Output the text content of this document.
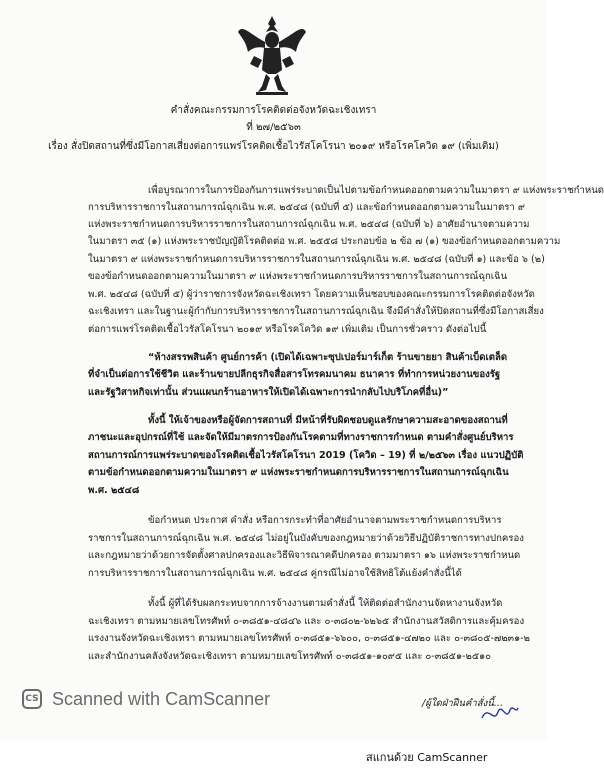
คำสั่งคณะกรรมการโรคติดต่อจังหวัดฉะเชิงเทรา
ที่ ๒๗/๒๕๖๓
เรื่อง สั่งปิดสถานที่ซึ่งมีโอกาสเสี่ยงต่อการแพร่โรคติดเชื้อไวรัสโคโรนา ๒๐๑๙ หรือโรคโควิด ๑๙ (เพิ่มเติม)
เพื่อบูรณาการในการป้องกันการแพร่ระบาดเป็นไปตามข้อกำหนดออกตามความในมาตรา ๙ แห่งพระราชกำหนด
การบริหารราชการในสถานการณ์ฉุกเฉิน พ.ศ. ๒๕๔๘ (ฉบับที่ ๕) และข้อกำหนดออกตามความในมาตรา ๙
แห่งพระราชกำหนดการบริหารราชการในสถานการณ์ฉุกเฉิน พ.ศ. ๒๕๔๘ (ฉบับที่ ๖) อาศัยอำนาจตามความ
ในมาตรา ๓๕ (๑) แห่งพระราชบัญญัติโรคติดต่อ พ.ศ. ๒๕๕๘ ประกอบข้อ ๒ ข้อ ๗ (๑) ของข้อกำหนดออกตามความ
ในมาตรา ๙ แห่งพระราชกำหนดการบริหารราชการในสถานการณ์ฉุกเฉิน พ.ศ. ๒๕๔๘ (ฉบับที่ ๑) และข้อ ๖ (๒)
ของข้อกำหนดออกตามความในมาตรา ๙ แห่งพระราชกำหนดการบริหารราชการในสถานการณ์ฉุกเฉิน
พ.ศ. ๒๕๔๘ (ฉบับที่ ๕) ผู้ว่าราชการจังหวัดฉะเชิงเทรา โดยความเห็นชอบของคณะกรรมการโรคติดต่อจังหวัด
ฉะเชิงเทรา และในฐานะผู้กำกับการบริหารราชการในสถานการณ์ฉุกเฉิน จึงมีคำสั่งให้ปิดสถานที่ซึ่งมีโอกาสเสี่ยง
ต่อการแพร่โรคติดเชื้อไวรัสโคโรนา ๒๐๑๙ หรือโรคโควิด ๑๙ เพิ่มเติม เป็นการชั่วคราว ดังต่อไปนี้
“ห้างสรรพสินค้า ศูนย์การค้า (เปิดได้เฉพาะซุปเปอร์มาร์เก็ต ร้านขายยา สินค้าเบ็ดเตล็ด
ที่จำเป็นต่อการใช้ชีวิต และร้านขายปลีกธุรกิจสื่อสารโทรคมนาคม ธนาคาร ที่ทำการหน่วยงานของรัฐ
และรัฐวิสาหกิจเท่านั้น ส่วนแผนกร้านอาหารให้เปิดได้เฉพาะการนำกลับไปบริโภคที่อื่น)”
ทั้งนี้ ให้เจ้าของหรือผู้จัดการสถานที่ มีหน้าที่รับผิดชอบดูแลรักษาความสะอาดของสถานที่
ภาชนะและอุปกรณ์ที่ใช้ และจัดให้มีมาตรการป้องกันโรคตามที่ทางราชการกำหนด ตามคำสั่งศูนย์บริหาร
สถานการณ์การแพร่ระบาดของโรคติดเชื้อไวรัสโคโรนา 2019 (โควิด – 19) ที่ ๒/๒๕๖๓ เรื่อง แนวปฏิบัติ
ตามข้อกำหนดออกตามความในมาตรา ๙ แห่งพระราชกำหนดการบริหารราชการในสถานการณ์ฉุกเฉิน
พ.ศ. ๒๕๔๘
ข้อกำหนด ประกาศ คำสั่ง หรือการกระทำที่อาศัยอำนาจตามพระราชกำหนดการบริหาร
ราชการในสถานการณ์ฉุกเฉิน พ.ศ. ๒๕๔๘ ไม่อยู่ในบังคับของกฎหมายว่าด้วยวิธีปฏิบัติราชการทางปกครอง
และกฎหมายว่าด้วยการจัดตั้งศาลปกครองและวิธีพิจารณาคดีปกครอง ตามมาตรา ๑๖ แห่งพระราชกำหนด
การบริหารราชการในสถานการณ์ฉุกเฉิน พ.ศ. ๒๕๔๘ คู่กรณีไม่อาจใช้สิทธิโต้แย้งคำสั่งนี้ได้
ทั้งนี้ ผู้ที่ได้รับผลกระทบจากการจ้างงานตามคำสั่งนี้ ให้ติดต่อสำนักงานจัดหางานจังหวัด
ฉะเชิงเทรา ตามหมายเลขโทรศัพท์ ๐-๓๘๕๑-๔๘๔๖ และ ๐-๓๘๐๒-๖๒๖๕ สำนักงานสวัสดิการและคุ้มครอง
แรงงานจังหวัดฉะเชิงเทรา ตามหมายเลขโทรศัพท์ ๐-๓๘๕๑-๖๖๐๐, ๐-๓๘๕๑-๔๗๒๐ และ ๐-๓๘๐๕-๗๒๓๑-๒
และสำนักงานคลังจังหวัดฉะเชิงเทรา ตามหมายเลขโทรศัพท์ ๐-๓๘๕๑-๑๐๙๕ และ ๐-๓๘๕๑-๒๕๑๐
CS Scanned with CamScanner	/ผู้ใดฝ่าฝืนคำสั่งนี้...
สแกนด้วย CamScanner
